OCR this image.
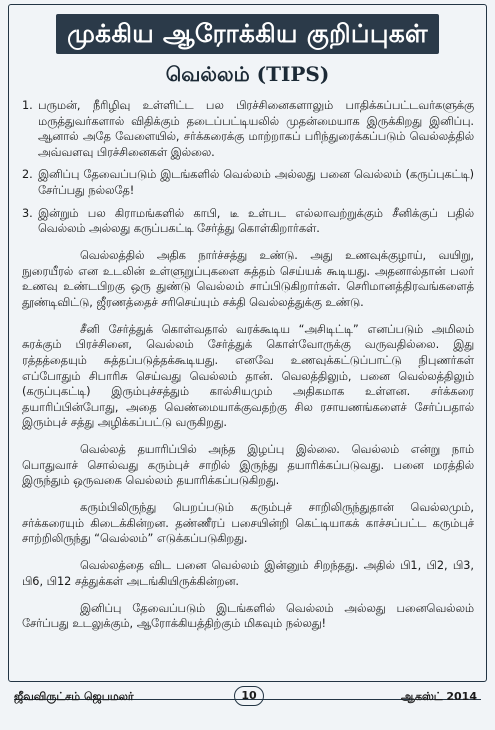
முக்கிய ஆரோக்கிய குறிப்புகள்
வெல்லம் (TIPS)
1. பருமன், நீரிழிவு உள்ளிட்ட பல பிரச்சினைகளாலும் பாதிக்கப்பட்டவர்களுக்கு மருத்துவர்களால் விதிக்கும் தடைப்பட்டியலில் முதன்மையாக இருக்கிறது இனிப்பு. ஆனால் அதே வேளையில், சர்க்கரைக்கு மாற்றாகப் பரிந்துரைக்கப்படும் வெல்லத்தில் அவ்வளவு பிரச்சினைகள் இல்லை.
2. இனிப்பு தேவைப்படும் இடங்களில் வெல்லம் அல்லது பனை வெல்லம் (கருப்புகட்டி) சேர்ப்பது நல்லதே!
3. இன்றும் பல கிராமங்களில் காபி, டீ உள்பட எல்லாவற்றுக்கும் சீனிக்குப் பதில் வெல்லம் அல்லது கருப்பகட்டி சேர்த்து கொள்கிறார்கள்.

வெல்லத்தில் அதிக நார்ச்சத்து உண்டு. அது உணவுக்குழாய், வயிறு, நுரையீரல் என உடலின் உள்ளுறுப்புகளை சுத்தம் செய்யக் கூடியது. அதனால்தான் பலர் உணவு உண்டபிறகு ஒரு துண்டு வெல்லம் சாப்பிடுகிறார்கள். செரிமானத்திரவங்களைத் தூண்டிவிட்டு, ஜீரணத்தைச் சரிசெய்யும் சக்தி வெல்லத்துக்கு உண்டு.

சீனி சேர்த்துக் கொள்வதால் வரக்கூடிய “அசிடிட்டி” எனப்படும் அமிலம் சுரக்கும் பிரச்சினை, வெல்லம் சேர்த்துக் கொள்வோருக்கு வருவதில்லை. இது ரத்தத்தையும் சுத்தப்படுத்தக்கூடியது. எனவே உணவுக்கட்டுப்பாட்டு நிபுணர்கள் எப்போதும் சிபாரிசு செய்வது வெல்லம் தான். வெலத்திலும், பனை வெல்லத்திலும் (கருப்புகட்டி) இரும்புச்சத்தும் கால்சியமும் அதிகமாக உள்ளன. சர்க்கரை தயாரிப்பின்போது, அதை வெண்மையாக்குவதற்கு சில ரசாயணங்களைச் சேர்ப்பதால் இரும்புச் சத்து அழிக்கப்பட்டு வருகிறது.

வெல்லத் தயாரிப்பில் அந்த இழப்பு இல்லை. வெல்லம் என்று நாம் பொதுவாச் சொல்வது கரும்புச் சாறில் இருந்து தயாரிக்கப்படுவது. பனை மரத்தில் இருந்தும் ஒருவகை வெல்லம் தயாரிக்கப்படுகிறது.

கரும்பிலிருந்து பெறப்படும் கரும்புச் சாறிலிருந்துதான் வெல்லமும், சர்க்கரையும் கிடைக்கின்றன. தண்ணீரப் பசையின்றி கெட்டியாகக் காச்சப்பட்ட கரும்புச் சாற்றிலிருந்து “வெல்லம்” எடுக்கப்படுகிறது.

வெல்லத்தை விட பனை வெல்லம் இன்னும் சிறந்தது. அதில் பி1, பி2, பி3, பி6, பி12 சத்துக்கள் அடங்கியிருக்கின்றன.

இனிப்பு தேவைப்படும் இடங்களில் வெல்லம் அல்லது பனைவெல்லம் சேர்ப்பது உடலுக்கும், ஆரோக்கியத்திற்கும் மிகவும் நல்லது!

ஜீவவிருட்சம் ஜெபமலர்	10	ஆகஸ்ட் 2014
